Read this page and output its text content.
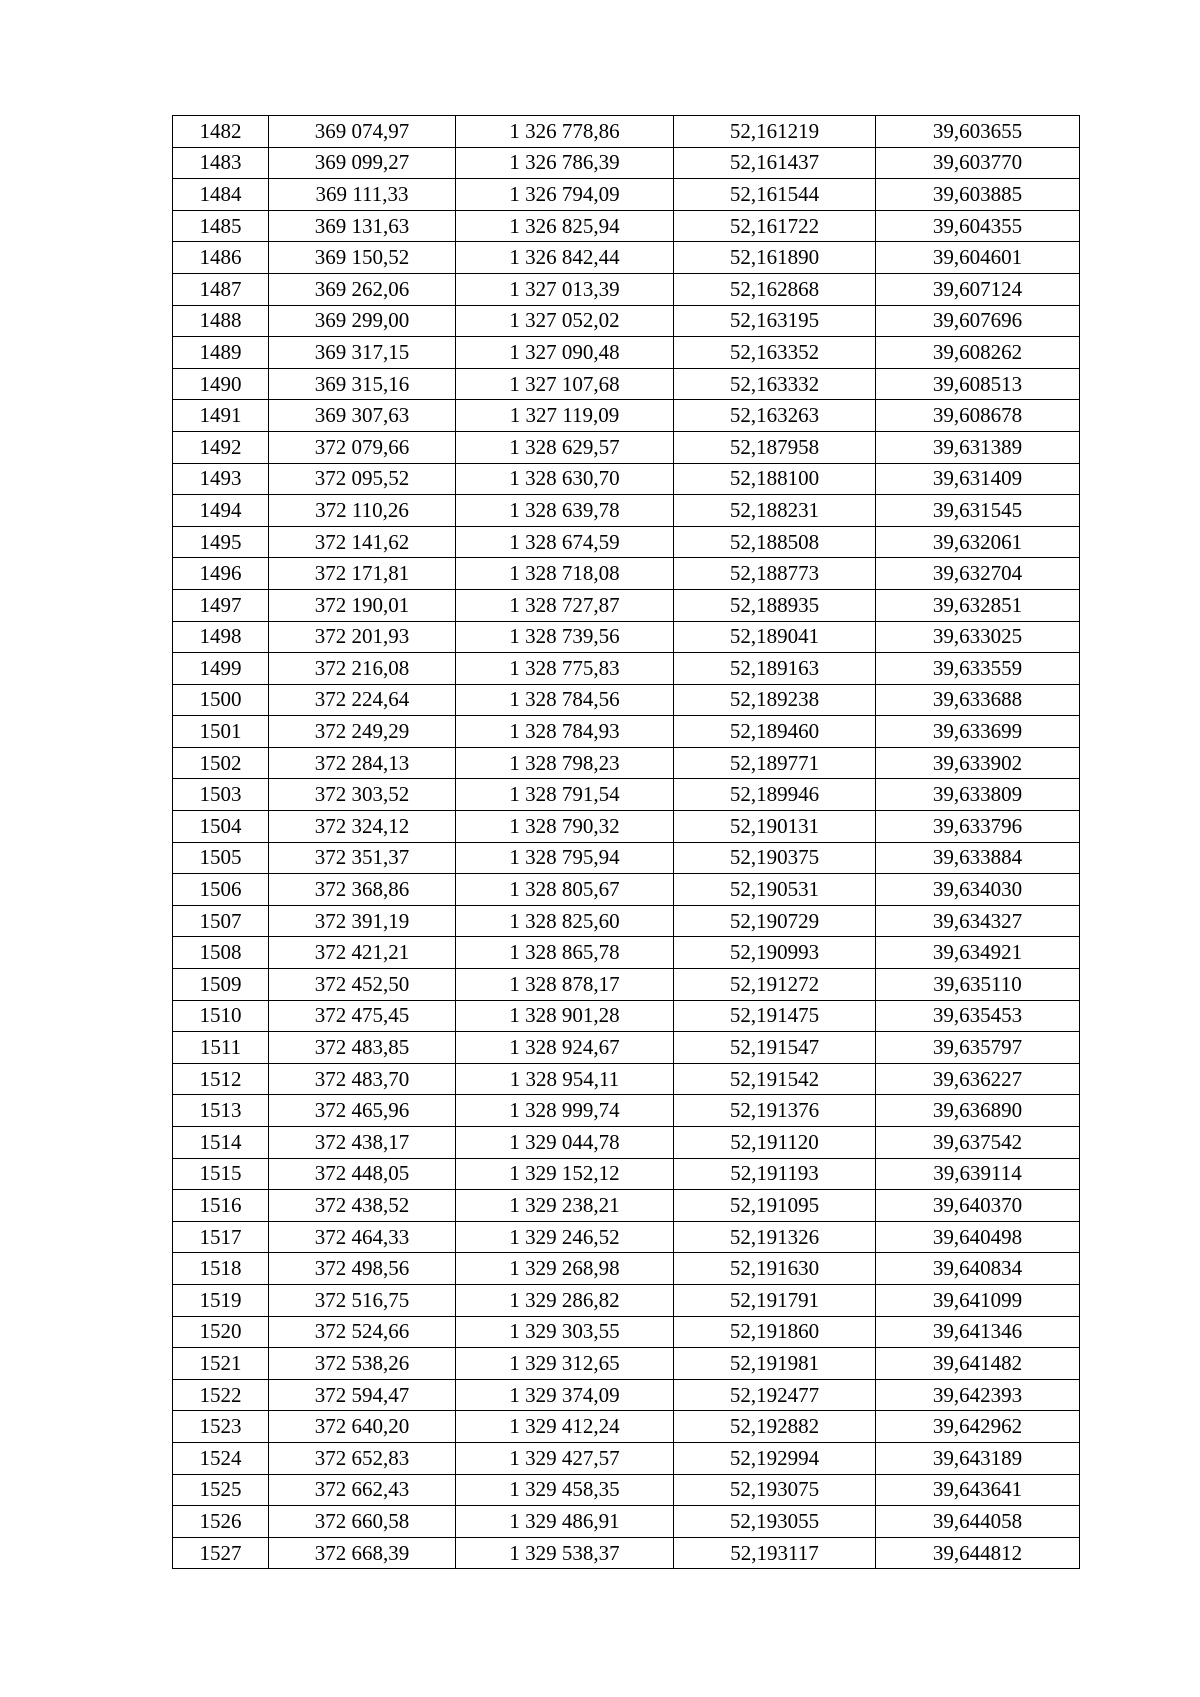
1482	369 074,97	1 326 778,86	52,161219	39,603655
1483	369 099,27	1 326 786,39	52,161437	39,603770
1484	369 111,33	1 326 794,09	52,161544	39,603885
1485	369 131,63	1 326 825,94	52,161722	39,604355
1486	369 150,52	1 326 842,44	52,161890	39,604601
1487	369 262,06	1 327 013,39	52,162868	39,607124
1488	369 299,00	1 327 052,02	52,163195	39,607696
1489	369 317,15	1 327 090,48	52,163352	39,608262
1490	369 315,16	1 327 107,68	52,163332	39,608513
1491	369 307,63	1 327 119,09	52,163263	39,608678
1492	372 079,66	1 328 629,57	52,187958	39,631389
1493	372 095,52	1 328 630,70	52,188100	39,631409
1494	372 110,26	1 328 639,78	52,188231	39,631545
1495	372 141,62	1 328 674,59	52,188508	39,632061
1496	372 171,81	1 328 718,08	52,188773	39,632704
1497	372 190,01	1 328 727,87	52,188935	39,632851
1498	372 201,93	1 328 739,56	52,189041	39,633025
1499	372 216,08	1 328 775,83	52,189163	39,633559
1500	372 224,64	1 328 784,56	52,189238	39,633688
1501	372 249,29	1 328 784,93	52,189460	39,633699
1502	372 284,13	1 328 798,23	52,189771	39,633902
1503	372 303,52	1 328 791,54	52,189946	39,633809
1504	372 324,12	1 328 790,32	52,190131	39,633796
1505	372 351,37	1 328 795,94	52,190375	39,633884
1506	372 368,86	1 328 805,67	52,190531	39,634030
1507	372 391,19	1 328 825,60	52,190729	39,634327
1508	372 421,21	1 328 865,78	52,190993	39,634921
1509	372 452,50	1 328 878,17	52,191272	39,635110
1510	372 475,45	1 328 901,28	52,191475	39,635453
1511	372 483,85	1 328 924,67	52,191547	39,635797
1512	372 483,70	1 328 954,11	52,191542	39,636227
1513	372 465,96	1 328 999,74	52,191376	39,636890
1514	372 438,17	1 329 044,78	52,191120	39,637542
1515	372 448,05	1 329 152,12	52,191193	39,639114
1516	372 438,52	1 329 238,21	52,191095	39,640370
1517	372 464,33	1 329 246,52	52,191326	39,640498
1518	372 498,56	1 329 268,98	52,191630	39,640834
1519	372 516,75	1 329 286,82	52,191791	39,641099
1520	372 524,66	1 329 303,55	52,191860	39,641346
1521	372 538,26	1 329 312,65	52,191981	39,641482
1522	372 594,47	1 329 374,09	52,192477	39,642393
1523	372 640,20	1 329 412,24	52,192882	39,642962
1524	372 652,83	1 329 427,57	52,192994	39,643189
1525	372 662,43	1 329 458,35	52,193075	39,643641
1526	372 660,58	1 329 486,91	52,193055	39,644058
1527	372 668,39	1 329 538,37	52,193117	39,644812
